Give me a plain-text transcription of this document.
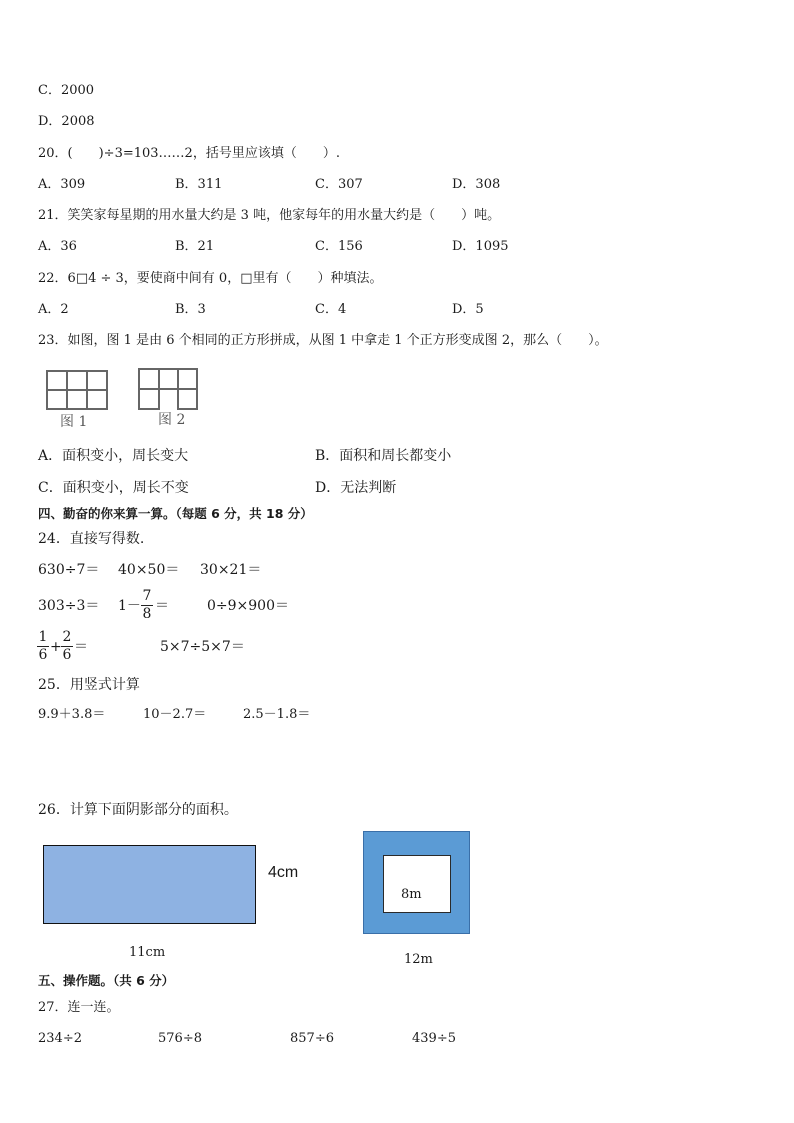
C．2000
D．2008
20．(　　)÷3=103……2，括号里应该填（　　）.
A．309	B．311	C．307	D．308
21．笑笑家每星期的用水量大约是 3 吨，他家每年的用水量大约是（　　）吨。
A．36	B．21	C．156	D．1095
22．6□4 ÷ 3，要使商中间有 0，□里有（　　）种填法。
A．2	B．3	C．4	D．5
23．如图，图 1 是由 6 个相同的正方形拼成，从图 1 中拿走 1 个正方形变成图 2，那么（　　）。
图 1	图 2
A．面积变小，周长变大	B．面积和周长都变小
C．面积变小，周长不变	D．无法判断
四、勤奋的你来算一算。（每题 6 分，共 18 分）
24．直接写得数.
630÷7＝ 40×50＝ 30×21＝
303÷3＝ 1－
7
8 ＝	0÷9×900＝
1
6 +
2
6 ＝	5×7÷5×7＝
25．用竖式计算
9.9＋3.8＝	10－2.7＝	2.5－1.8＝
26．计算下面阴影部分的面积。
4cm
11cm
8m
12m
五、操作题。（共 6 分）
27．连一连。
234÷2	576÷8	857÷6	439÷5
